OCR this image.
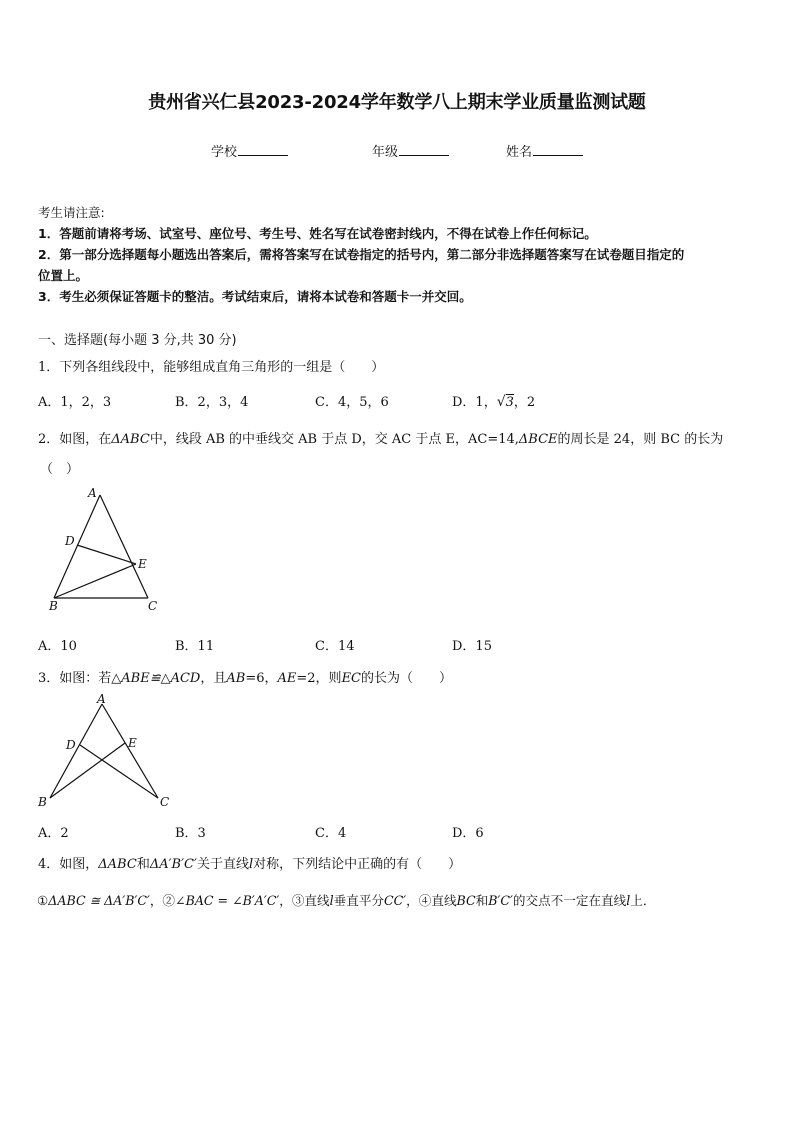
贵州省兴仁县2023-2024学年数学八上期末学业质量监测试题
学校	年级	姓名
考生请注意:
1．答题前请将考场、试室号、座位号、考生号、姓名写在试卷密封线内，不得在试卷上作任何标记。
2．第一部分选择题每小题选出答案后，需将答案写在试卷指定的括号内，第二部分非选择题答案写在试卷题目指定的
位置上。
3．考生必须保证答题卡的整洁。考试结束后，请将本试卷和答题卡一并交回。
一、选择题(每小题 3 分,共 30 分)
1．下列各组线段中，能够组成直角三角形的一组是（　　）
A．1，2，3	B．2，3，4	C．4，5，6	D．1，√3，2
2．如图，在ΔABC中，线段 AB 的中垂线交 AB 于点 D，交 AC 于点 E，AC=14,ΔBCE的周长是 24，则 BC 的长为
（　）
A
D
E
B	C
A．10	B．11	C．14	D．15
3．如图：若△ABE≌△ACD，且AB=6，AE=2，则EC的长为（　　）
A
D	E
B	C
A．2	B．3	C．4	D．6
4．如图，ΔABC和ΔA′B′C′关于直线l对称，下列结论中正确的有（　　）
①ΔABC ≅ ΔA′B′C′，②∠BAC = ∠B′A′C′，③直线l垂直平分CC′，④直线BC和B′C′的交点不一定在直线l上．
